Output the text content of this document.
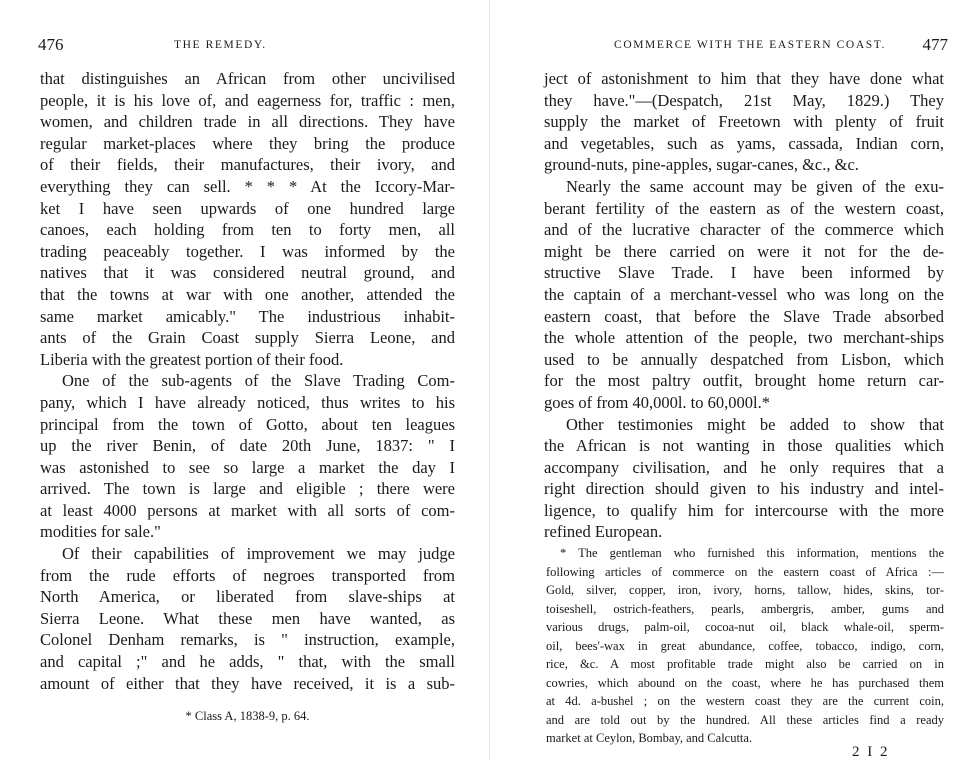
476	THE REMEDY.
that distinguishes an African from other uncivilised
people, it is his love of, and eagerness for, traffic : men,
women, and children trade in all directions. They have
regular market-places where they bring the produce
of their fields, their manufactures, their ivory, and
everything they can sell. * * * At the Iccory-Mar-
ket I have seen upwards of one hundred large
canoes, each holding from ten to forty men, all
trading peaceably together. I was informed by the
natives that it was considered neutral ground, and
that the towns at war with one another, attended the
same market amicably." The industrious inhabit-
ants of the Grain Coast supply Sierra Leone, and
Liberia with the greatest portion of their food.
One of the sub-agents of the Slave Trading Com-
pany, which I have already noticed, thus writes to his
principal from the town of Gotto, about ten leagues
up the river Benin, of date 20th June, 1837: " I
was astonished to see so large a market the day I
arrived. The town is large and eligible ; there were
at least 4000 persons at market with all sorts of com-
modities for sale."
Of their capabilities of improvement we may judge
from the rude efforts of negroes transported from
North America, or liberated from slave-ships at
Sierra Leone. What these men have wanted, as
Colonel Denham remarks, is " instruction, example,
and capital ;" and he adds, " that, with the small
amount of either that they have received, it is a sub-
* Class A, 1838-9, p. 64.
COMMERCE WITH THE EASTERN COAST. 477
ject of astonishment to him that they have done what
they have."—(Despatch, 21st May, 1829.) They
supply the market of Freetown with plenty of fruit
and vegetables, such as yams, cassada, Indian corn,
ground-nuts, pine-apples, sugar-canes, &c., &c.
Nearly the same account may be given of the exu-
berant fertility of the eastern as of the western coast,
and of the lucrative character of the commerce which
might be there carried on were it not for the de-
structive Slave Trade. I have been informed by
the captain of a merchant-vessel who was long on the
eastern coast, that before the Slave Trade absorbed
the whole attention of the people, two merchant-ships
used to be annually despatched from Lisbon, which
for the most paltry outfit, brought home return car-
goes of from 40,000l. to 60,000l.*
Other testimonies might be added to show that
the African is not wanting in those qualities which
accompany civilisation, and he only requires that a
right direction should given to his industry and intel-
ligence, to qualify him for intercourse with the more
refined European.
* The gentleman who furnished this information, mentions the
following articles of commerce on the eastern coast of Africa :—
Gold, silver, copper, iron, ivory, horns, tallow, hides, skins, tor-
toiseshell, ostrich-feathers, pearls, ambergris, amber, gums and
various drugs, palm-oil, cocoa-nut oil, black whale-oil, sperm-
oil, bees'-wax in great abundance, coffee, tobacco, indigo, corn,
rice, &c. A most profitable trade might also be carried on in
cowries, which abound on the coast, where he has purchased them
at 4d. a-bushel ; on the western coast they are the current coin,
and are told out by the hundred. All these articles find a ready
market at Ceylon, Bombay, and Calcutta.
2 I 2
